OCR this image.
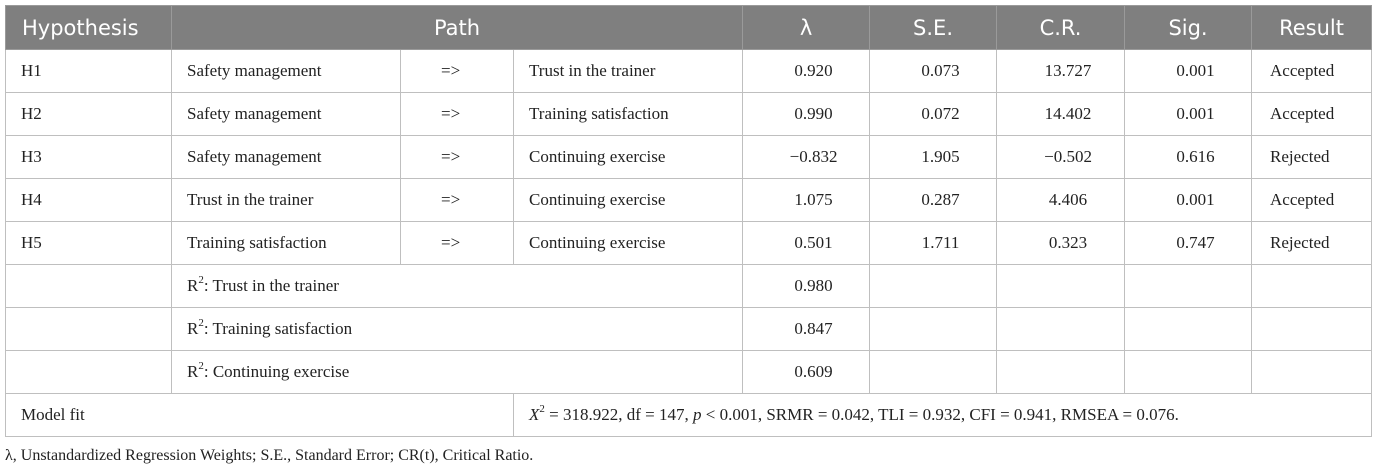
Hypothesis	Path			λ	S.E.	C.R.	Sig.	Result
H1	Safety management	=>	Trust in the trainer	0.920	0.073	13.727	0.001	Accepted
H2	Safety management	=>	Training satisfaction	0.990	0.072	14.402	0.001	Accepted
H3	Safety management	=>	Continuing exercise	−0.832	1.905	−0.502	0.616	Rejected
H4	Trust in the trainer	=>	Continuing exercise	1.075	0.287	4.406	0.001	Accepted
H5	Training satisfaction	=>	Continuing exercise	0.501	1.711	0.323	0.747	Rejected
	$R^2$: Trust in the trainer			0.980				
	$R^2$: Training satisfaction			0.847				
	$R^2$: Continuing exercise			0.609				
Model fit			$X^2 = 318.922$, df = 147, p < 0.001, SRMR = 0.042, TLI = 0.932, CFI = 0.941, RMSEA = 0.076.					
λ, Unstandardized Regression Weights; S.E., Standard Error; CR(t), Critical Ratio.
